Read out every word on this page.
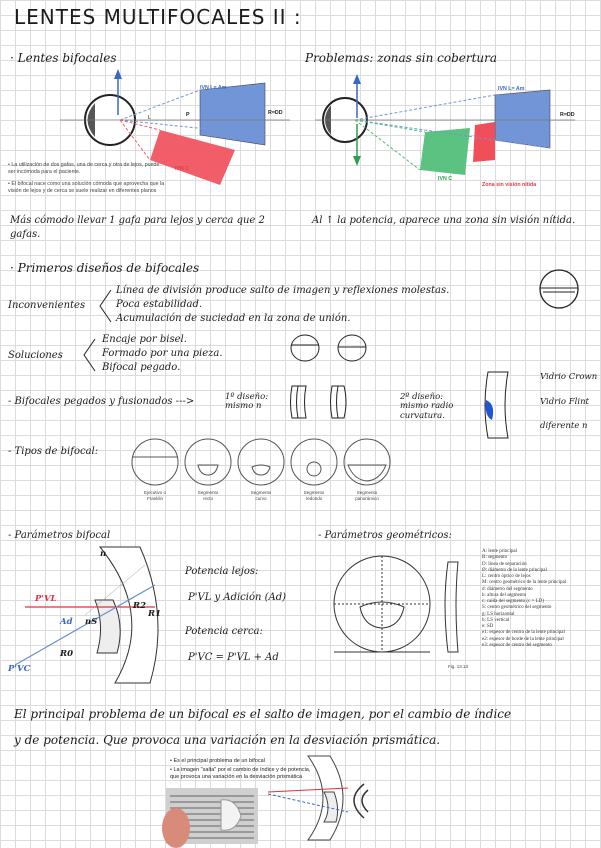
LENTES MULTIFOCALES II :
· Lentes bifocales	Problemas: zonas sin cobertura
IVN L= Am
R=DD
L	P
IVN C
• La utilización de dos gafas, una de cerca y otra de lejos, puede ser incómoda para el paciente.
• El bifocal nace como una solución cómoda que aprovecha que la visión de lejos y de cerca se suele realizar en diferentes planos
IVN L= Am
R=DD
IVN C
Zona sin visión nítida
Más cómodo llevar 1 gafa para lejos y cerca que 2 gafas.
Al ↑ la potencia, aparece una zona sin visión nítida.
· Primeros diseños de bifocales
Inconvenientes
Línea de división produce salto de imagen y reflexiones molestas.
Poca estabilidad.
Acumulación de suciedad en la zona de unión.
Soluciones
Encaje por bisel.
Formado por una pieza.
Bifocal pegado.
- Bifocales pegados y fusionados --->	1º diseño: mismo n
2º diseño: mismo radio curvatura.
Vidrio Crown
Vidrio Flint
diferente n
- Tipos de bifocal:
Ejecutivo o Franklin
Segmento recto
Segmento curvo
Segmento redondo
Segmento panorámico
- Parámetros bifocal	- Parámetros geométricos:
n
P'VL
Ad
R1
R2
nS
R0
P'VC
Potencia lejos:
P'VL y Adición (Ad)
Potencia cerca:
P'VC = P'VL + Ad
Fig. 13.13
A: lente principal
B: segmento
D: línea de separación
Ø: diámetro de la lente principal
L: centro óptico de lejos
M: centro geométrico de la lente principal
d: diámetro del segmento
h: altura del segmento
c: caída del segmento (c = LD)
S: centro geométrico del segmento
g: LS horizontal
b: LS vertical
e: SD
e1: espesor de centro de la lente principal
e2: espesor de borde de la lente principal
e3: espesor de centro del segmento
El principal problema de un bifocal es el salto de imagen, por el cambio de índice
y de potencia. Que provoca una variación en la desviación prismática.
• Es el principal problema de un bifocal
• La imagen "salta" por el cambio de índice y de potencia, que provoca una variación en la desviación prismática
